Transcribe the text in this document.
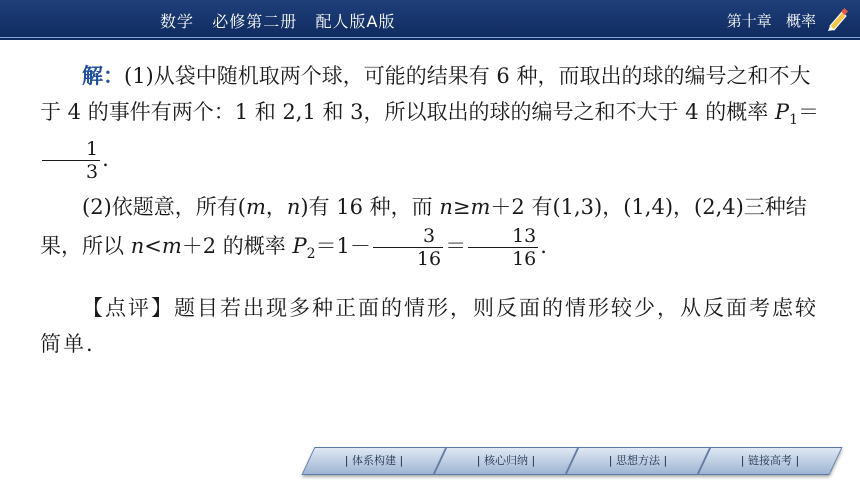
数学   必修第二册   配人版A版	第十章   概率

解：(1)从袋中随机取两个球，可能的结果有 6 种，而取出的球的编号之和不大于 4 的事件有两个：1 和 2,1 和 3，所以取出的球的编号之和不大于 4 的概率 $P_1=$
$\frac{1}{3}$ .

(2)依题意，所有(m，n)有 16 种，而 n≥m＋2 有(1,3)，(1,4)，(2,4)三种结果，所以 n<m＋2 的概率 $P_2=1- \frac{3}{16} = \frac{13}{16}$ .

【点评】题目若出现多种正面的情形，则反面的情形较少，从反面考虑较简单.

| 体系构建 |	| 核心归纳 |	| 思想方法 |	| 链接高考 |
